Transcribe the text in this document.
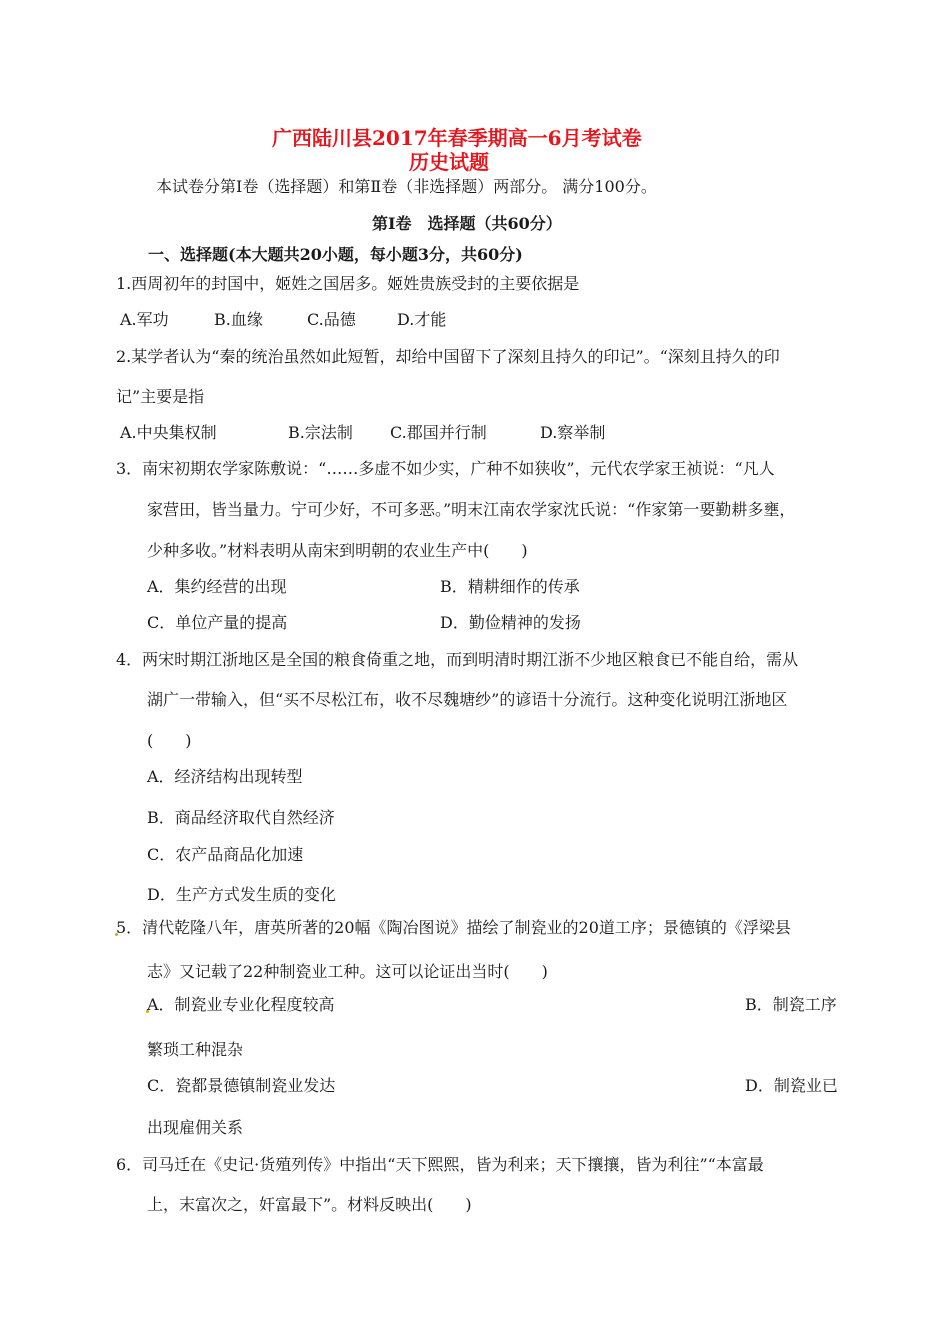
广西陆川县2017年春季期高一6月考试卷
历史试题
本试卷分第Ⅰ卷（选择题）和第Ⅱ卷（非选择题）两部分。 满分100分。
第Ⅰ卷　选择题（共60分）
一、选择题(本大题共20小题，每小题3分，共60分)
1.西周初年的封国中，姬姓之国居多。姬姓贵族受封的主要依据是
A.军功	B.血缘	C.品德	D.才能
2.某学者认为“秦的统治虽然如此短暂，却给中国留下了深刻且持久的印记”。“深刻且持久的印
记”主要是指
A.中央集权制	B.宗法制 C.郡国并行制	D.察举制
3．南宋初期农学家陈敷说：“……多虚不如少实，广种不如狭收”，元代农学家王祯说：“凡人
家营田，皆当量力。宁可少好，不可多恶。”明末江南农学家沈氏说：“作家第一要勤耕多壅，
少种多收。”材料表明从南宋到明朝的农业生产中(　　)
A．集约经营的出现	B．精耕细作的传承
C．单位产量的提高	D．勤俭精神的发扬
4．两宋时期江浙地区是全国的粮食倚重之地，而到明清时期江浙不少地区粮食已不能自给，需从
湖广一带输入，但“买不尽松江布，收不尽魏塘纱”的谚语十分流行。这种变化说明江浙地区
(　　)
A．经济结构出现转型
B．商品经济取代自然经济
C．农产品商品化加速
D．生产方式发生质的变化
5．清代乾隆八年，唐英所著的20幅《陶冶图说》描绘了制瓷业的20道工序；景德镇的《浮梁县
志》又记载了22种制瓷业工种。这可以论证出当时(　　)
A．制瓷业专业化程度较高	B．制瓷工序
繁琐工种混杂
C．瓷都景德镇制瓷业发达	D．制瓷业已
出现雇佣关系
6．司马迁在《史记·货殖列传》中指出“天下熙熙，皆为利来；天下攘攘，皆为利往”“本富最
上，末富次之，奸富最下”。材料反映出(　　)
